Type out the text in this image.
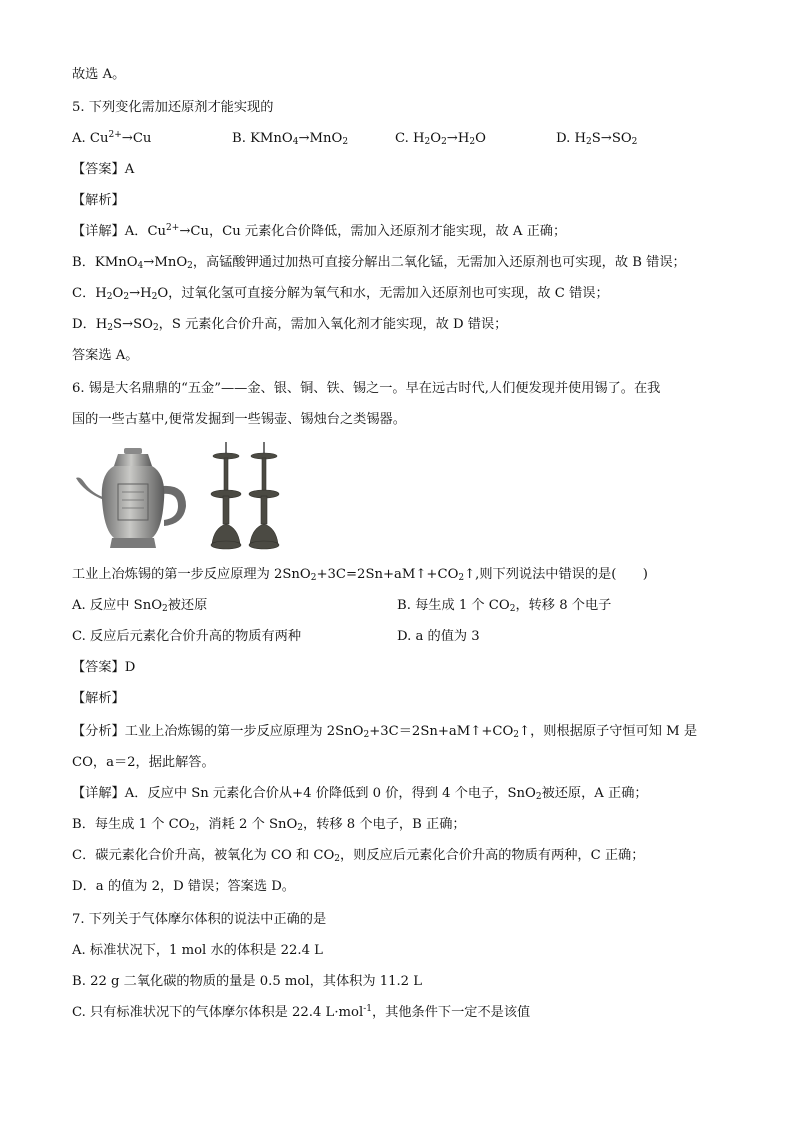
故选 A。
5. 下列变化需加还原剂才能实现的
A. $Cu^{2+}\to Cu$	B. KMnO$_4$→MnO$_2$	C. $H_2O_2\to H_2O$	D. $H_2S\to SO_2$
【答案】A
【解析】
【详解】A．$Cu^{2+}\to Cu$，Cu 元素化合价降低，需加入还原剂才能实现，故 A 正确；
B．KMnO$_4$→MnO$_2$，高锰酸钾通过加热可直接分解出二氧化锰，无需加入还原剂也可实现，故 B 错误；
C．$H_2O_2\to H_2O$，过氧化氢可直接分解为氧气和水，无需加入还原剂也可实现，故 C 错误；
D．$H_2S\to SO_2$，S 元素化合价升高，需加入氧化剂才能实现，故 D 错误；
答案选 A。
6. 锡是大名鼎鼎的“五金”——金、银、铜、铁、锡之一。早在远古时代,人们便发现并使用锡了。在我
国的一些古墓中,便常发掘到一些锡壶、锡烛台之类锡器。
工业上冶炼锡的第一步反应原理为 $2SnO_2+3C=2Sn+aM↑+CO_2↑$,则下列说法中错误的是(　　)
A. 反应中 SnO$_2$被还原	B. 每生成 1 个 $CO_2$，转移 8 个电子
C. 反应后元素化合价升高的物质有两种	D. a 的值为 3
【答案】D
【解析】
【分析】工业上冶炼锡的第一步反应原理为 $2SnO_2+3C=2Sn+aM↑+CO_2↑$，则根据原子守恒可知 M 是
CO，a＝2，据此解答。
【详解】A．反应中 Sn 元素化合价从+4 价降低到 0 价，得到 4 个电子，SnO$_2$被还原，A 正确；
B．每生成 1 个 $CO_2$，消耗 2 个 SnO$_2$，转移 8 个电子，B 正确；
C．碳元素化合价升高，被氧化为 CO 和 $CO_2$，则反应后元素化合价升高的物质有两种，C 正确；
D．a 的值为 2，D 错误；答案选 D。
7. 下列关于气体摩尔体积的说法中正确的是
A. 标准状况下，1 mol 水的体积是 22.4 L
B. 22 g 二氧化碳的物质的量是 0.5 mol，其体积为 11.2 L
C. 只有标准状况下的气体摩尔体积是 22.4 L·mol$^{-1}$，其他条件下一定不是该值
